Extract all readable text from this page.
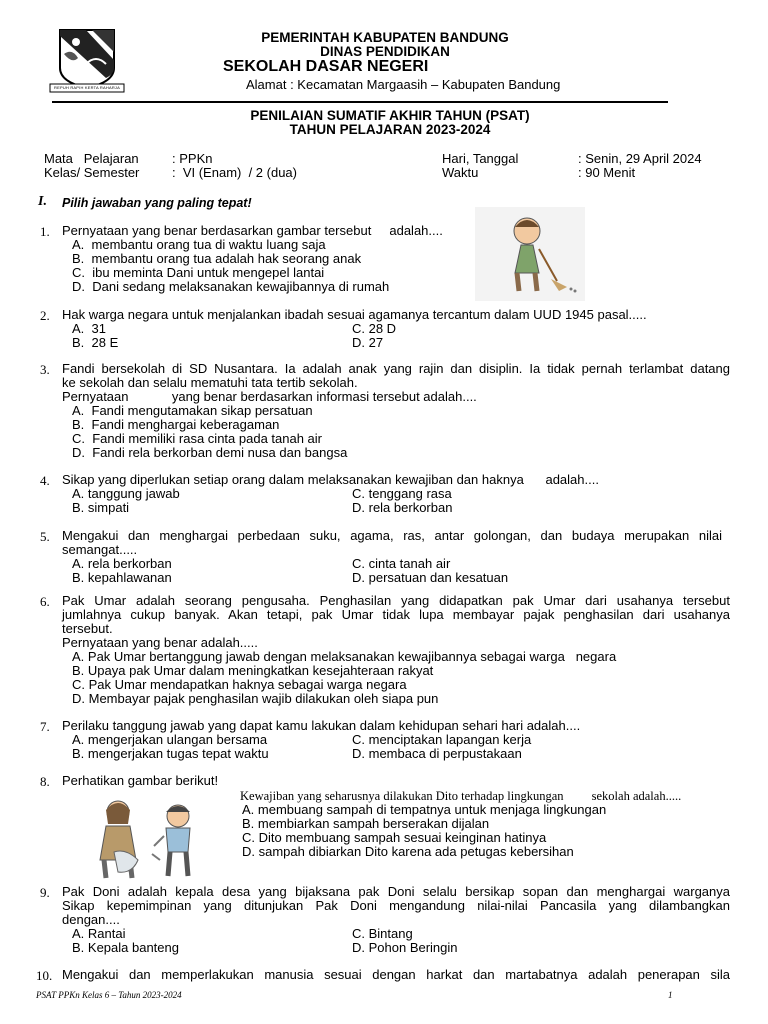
REPUH RAPIH KERTA RAHARJA
PEMERINTAH KABUPATEN BANDUNG
DINAS PENDIDIKAN
SEKOLAH DASAR NEGERI
Alamat : Kecamatan Margaasih – Kabupaten Bandung
PENILAIAN SUMATIF AKHIR TAHUN (PSAT)
TAHUN PELAJARAN 2023-2024
Mata   Pelajaran	: PPKn
Kelas/ Semester	:  VI (Enam)  / 2 (dua)
Hari, Tanggal	: Senin, 29 April 2024
Waktu	: 90 Menit
I. Pilih jawaban yang paling tepat!
1. Pernyataan yang benar berdasarkan gambar tersebut     adalah....
A.  membantu orang tua di waktu luang saja
B.  membantu orang tua adalah hak seorang anak
C.  ibu meminta Dani untuk mengepel lantai
D.  Dani sedang melaksanakan kewajibannya di rumah
2. Hak warga negara untuk menjalankan ibadah sesuai agamanya tercantum dalam UUD 1945 pasal.....
A.  31
B.  28 E
C. 28 D
D. 27
3. Fandi bersekolah di SD Nusantara. Ia adalah anak yang rajin dan disiplin. Ia tidak pernah terlambat datang
ke sekolah dan selalu mematuhi tata tertib sekolah.
Pernyataan            yang benar berdasarkan informasi tersebut adalah....
A.  Fandi mengutamakan sikap persatuan
B.  Fandi menghargai keberagaman
C.  Fandi memiliki rasa cinta pada tanah air
D.  Fandi rela berkorban demi nusa dan bangsa
4. Sikap yang diperlukan setiap orang dalam melaksanakan kewajiban dan haknya      adalah....
A. tanggung jawab
B. simpati
C. tenggang rasa
D. rela berkorban
5. Mengakui dan menghargai perbedaan suku, agama, ras, antar golongan, dan budaya merupakan nilai
semangat.....
A. rela berkorban
B. kepahlawanan
C. cinta tanah air
D. persatuan dan kesatuan
6. Pak Umar adalah seorang pengusaha. Penghasilan yang didapatkan pak Umar dari usahanya tersebut
jumlahnya cukup banyak. Akan tetapi, pak Umar tidak lupa membayar pajak penghasilan dari usahanya
tersebut.
Pernyataan yang benar adalah.....
A. Pak Umar bertanggung jawab dengan melaksanakan kewajibannya sebagai warga   negara
B. Upaya pak Umar dalam meningkatkan kesejahteraan rakyat
C. Pak Umar mendapatkan haknya sebagai warga negara
D. Membayar pajak penghasilan wajib dilakukan oleh siapa pun
7. Perilaku tanggung jawab yang dapat kamu lakukan dalam kehidupan sehari hari adalah....
A. mengerjakan ulangan bersama
B. mengerjakan tugas tepat waktu
C. menciptakan lapangan kerja
D. membaca di perpustakaan
8. Perhatikan gambar berikut!
Kewajiban yang seharusnya dilakukan Dito terhadap lingkungan         sekolah adalah.....
A. membuang sampah di tempatnya untuk menjaga lingkungan
B. membiarkan sampah berserakan dijalan
C. Dito membuang sampah sesuai keinginan hatinya
D. sampah dibiarkan Dito karena ada petugas kebersihan
9. Pak Doni adalah kepala desa yang bijaksana pak Doni selalu bersikap sopan dan menghargai warganya
Sikap kepemimpinan yang ditunjukan Pak Doni mengandung nilai-nilai Pancasila yang dilambangkan
dengan....
A. Rantai
B. Kepala banteng
C. Bintang
D. Pohon Beringin
10. Mengakui dan memperlakukan manusia sesuai dengan harkat dan martabatnya adalah penerapan sila
PSAT PPKn Kelas 6 – Tahun 2023-2024	1
